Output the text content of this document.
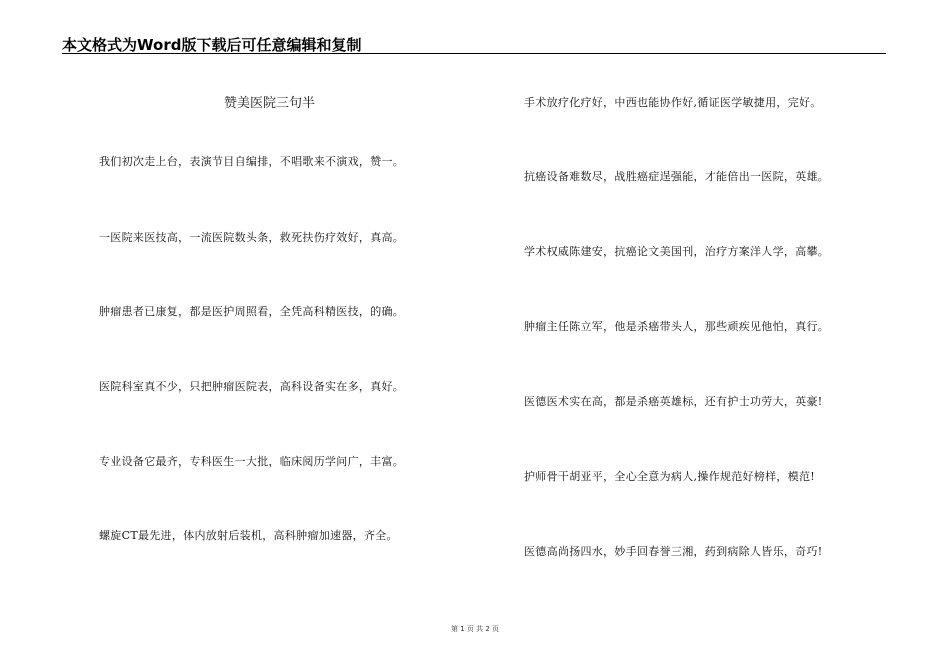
本文格式为Word版下载后可任意编辑和复制
赞美医院三句半
我们初次走上台，表演节目自编排，不唱歌来不演戏，赞一。
一医院来医技高，一流医院数头条，救死扶伤疗效好，真高。
肿瘤患者已康复，都是医护周照看，全凭高科精医技，的确。
医院科室真不少，只把肿瘤医院表，高科设备实在多，真好。
专业设备它最齐，专科医生一大批，临床阅历学问广，丰富。
螺旋CT最先进，体内放射后装机，高科肿瘤加速器，齐全。
手术放疗化疗好，中西也能协作好,循证医学敏捷用，完好。
抗癌设备难数尽，战胜癌症逞强能，才能倍出一医院，英雄。
学术权威陈建安，抗癌论文美国刊，治疗方案洋人学，高攀。
肿瘤主任陈立军，他是杀癌带头人，那些顽疾见他怕，真行。
医德医术实在高，都是杀癌英雄标，还有护士功劳大，英豪!
护师骨干胡亚平，全心全意为病人,操作规范好榜样，模范!
医德高尚扬四水，妙手回春誉三湘，药到病除人皆乐，奇巧!
第 1 页 共 2 页
